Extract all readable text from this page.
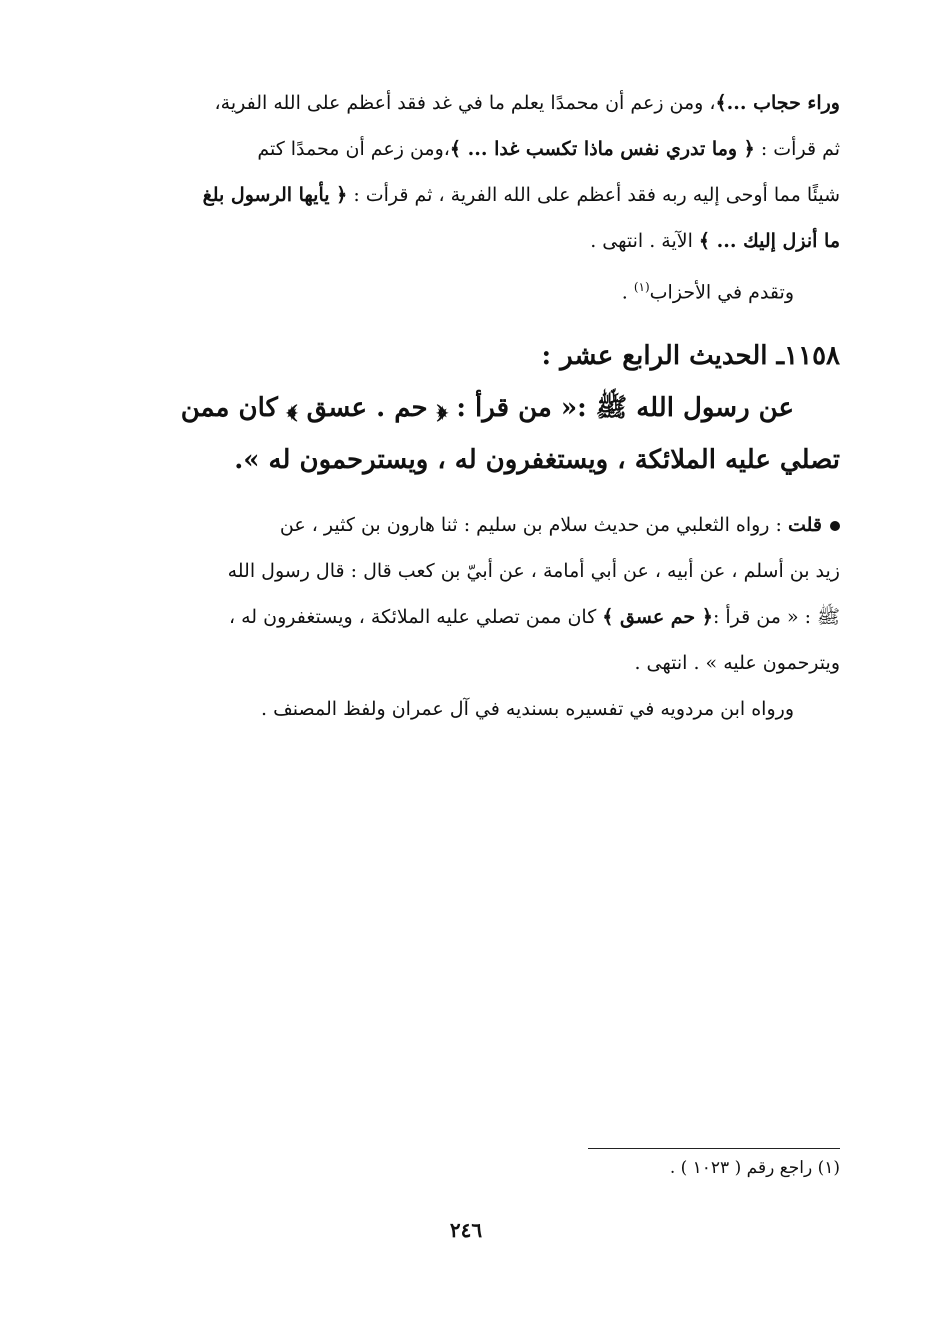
وراء حجاب ...﴾، ومن زعم أن محمدًا يعلم ما في غد فقد أعظم على الله الفرية،
ثم قرأت : ﴿ وما تدري نفس ماذا تكسب غدا ... ﴾،ومن زعم أن محمدًا كتم
شيئًا مما أوحى إليه ربه فقد أعظم على الله الفرية ، ثم قرأت : ﴿ يأيها الرسول بلغ
ما أنزل إليك ... ﴾ الآية . انتهى .
وتقدم في الأحزاب$^{(١)}$ .
١١٥٨ـ الحديث الرابع عشر :
عن رسول الله ﷺ :« من قرأ : ﴿ حم . عسق ﴾ كان ممن
تصلي عليه الملائكة ، ويستغفرون له ، ويسترحمون له ».
قلت : رواه الثعلبي من حديث سلام بن سليم : ثنا هارون بن كثير ، عن
زيد بن أسلم ، عن أبيه ، عن أبي أمامة ، عن أبيّ بن كعب قال : قال رسول الله
ﷺ : « من قرأ :﴿ حم عسق ﴾ كان ممن تصلي عليه الملائكة ، ويستغفرون له ،
ويترحمون عليه » . انتهى .
ورواه ابن مردويه في تفسيره بسنديه في آل عمران ولفظ المصنف .
(١) راجع رقم ( ١٠٢٣ ) .
٢٤٦
